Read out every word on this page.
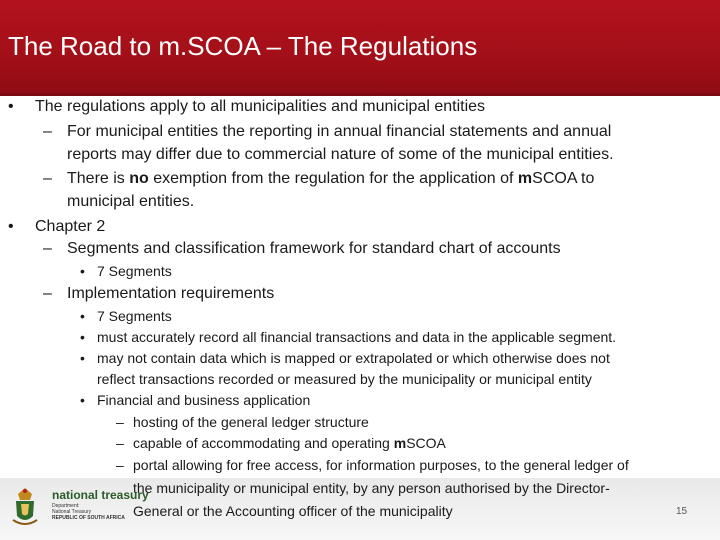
The Road to m.SCOA – The Regulations
• The regulations apply to all municipalities and municipal entities
– For municipal entities the reporting in annual financial statements and annual
reports may differ due to commercial nature of some of the municipal entities.
– There is no exemption from the regulation for the application of mSCOA to
municipal entities.
• Chapter 2
– Segments and classification framework for standard chart of accounts
• 7 Segments
– Implementation requirements
• 7 Segments
• must accurately record all financial transactions and data in the applicable segment.
• may not contain data which is mapped or extrapolated or which otherwise does not
reflect transactions recorded or measured by the municipality or municipal entity
• Financial and business application
– hosting of the general ledger structure
– capable of accommodating and operating mSCOA
– portal allowing for free access, for information purposes, to the general ledger of
the municipality or municipal entity, by any person authorised by the Director-
General or the Accounting officer of the municipality
national treasury
Department:
National Treasury
REPUBLIC OF SOUTH AFRICA
15
